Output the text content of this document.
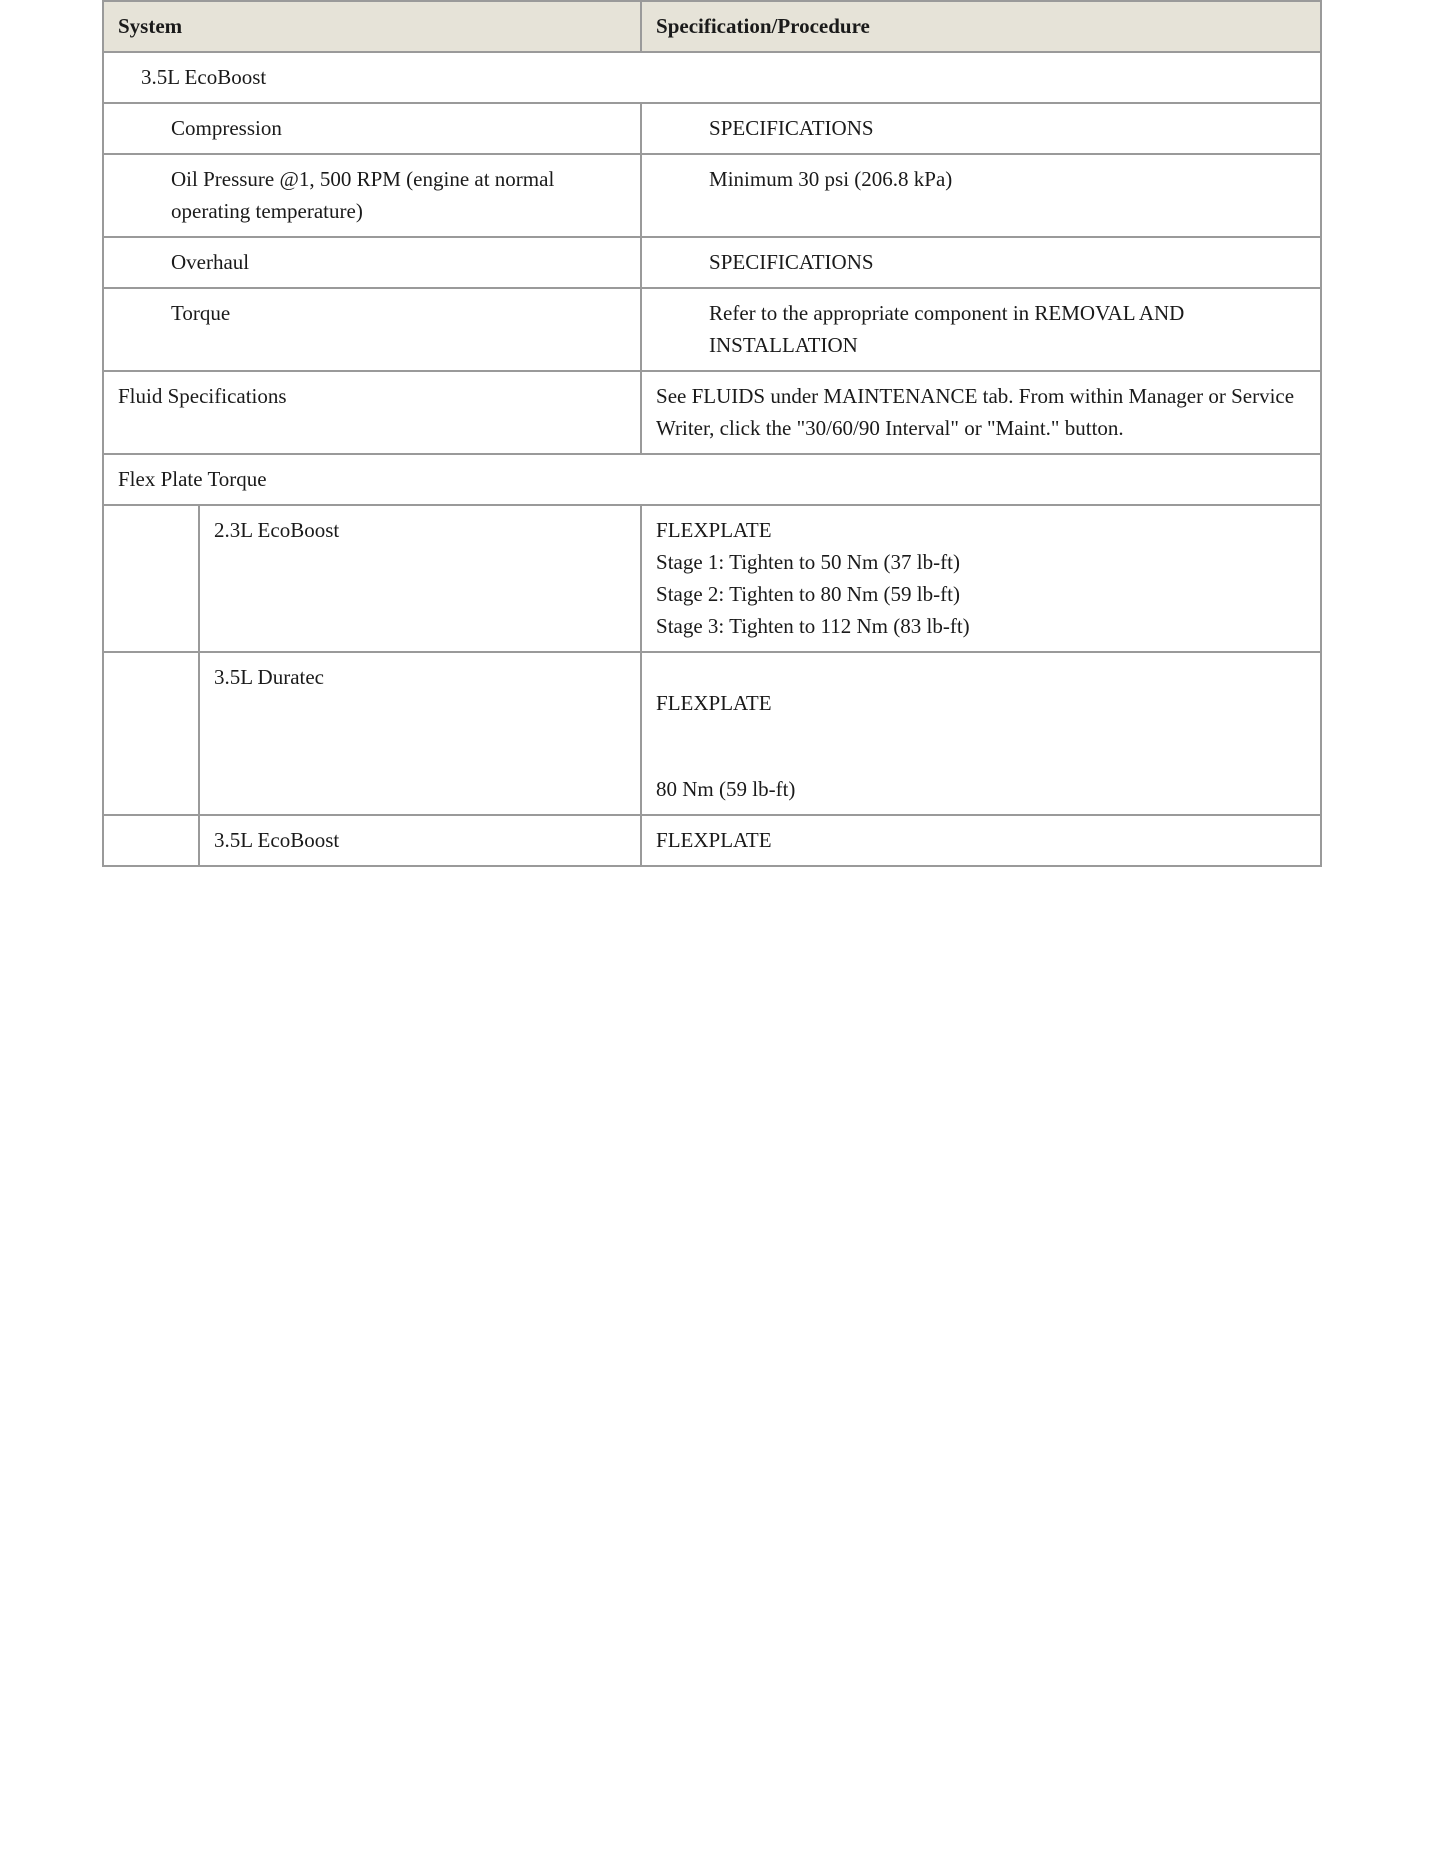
System		Specification/Procedure
3.5L EcoBoost		
Compression		SPECIFICATIONS
Oil Pressure @1, 500 RPM (engine at normal operating temperature)		Minimum 30 psi (206.8 kPa)
Overhaul		SPECIFICATIONS
Torque		Refer to the appropriate component in REMOVAL AND INSTALLATION
Fluid Specifications		See FLUIDS under MAINTENANCE tab. From within Manager or Service Writer, click the "30/60/90 Interval" or "Maint." button.
Flex Plate Torque		
	2.3L EcoBoost	FLEXPLATE
Stage 1: Tighten to 50 Nm (37 lb-ft)
Stage 2: Tighten to 80 Nm (59 lb-ft)
Stage 3: Tighten to 112 Nm (83 lb-ft)

	3.5L Duratec	FLEXPLATE
80 Nm (59 lb-ft)

	3.5L EcoBoost	FLEXPLATE
